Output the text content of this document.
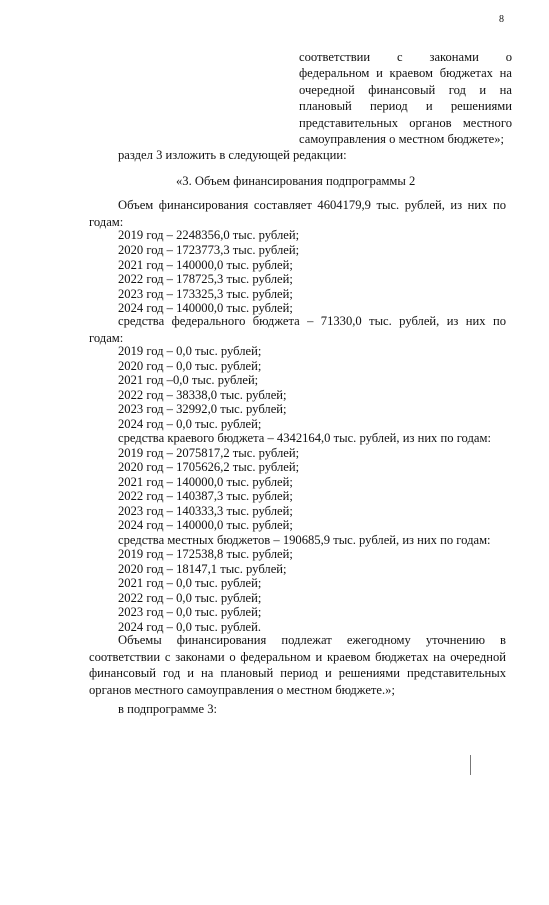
8
соответствии с законами о
федеральном и краевом бюджетах на
очередной финансовый год и на
плановый период и решениями
представительных органов местного
самоуправления о местном бюджете»;
раздел 3 изложить в следующей редакции:
«3. Объем финансирования подпрограммы 2
Объем финансирования составляет 4604179,9 тыс. рублей, из них по
годам:
2019 год – 2248356,0 тыс. рублей;
2020 год – 1723773,3 тыс. рублей;
2021 год – 140000,0 тыс. рублей;
2022 год – 178725,3 тыс. рублей;
2023 год – 173325,3 тыс. рублей;
2024 год – 140000,0 тыс. рублей;
средства федерального бюджета – 71330,0 тыс. рублей, из них по
годам:
2019 год – 0,0 тыс. рублей;
2020 год – 0,0 тыс. рублей;
2021 год –0,0 тыс. рублей;
2022 год – 38338,0 тыс. рублей;
2023 год – 32992,0 тыс. рублей;
2024 год – 0,0 тыс. рублей;
средства краевого бюджета – 4342164,0 тыс. рублей, из них по годам:
2019 год – 2075817,2 тыс. рублей;
2020 год – 1705626,2 тыс. рублей;
2021 год – 140000,0 тыс. рублей;
2022 год – 140387,3 тыс. рублей;
2023 год – 140333,3 тыс. рублей;
2024 год – 140000,0 тыс. рублей;
средства местных бюджетов – 190685,9 тыс. рублей, из них по годам:
2019 год – 172538,8 тыс. рублей;
2020 год – 18147,1 тыс. рублей;
2021 год – 0,0 тыс. рублей;
2022 год – 0,0 тыс. рублей;
2023 год – 0,0 тыс. рублей;
2024 год – 0,0 тыс. рублей.
Объемы финансирования подлежат ежегодному уточнению в
соответствии с законами о федеральном и краевом бюджетах на очередной
финансовый год и на плановый период и решениями представительных
органов местного самоуправления о местном бюджете.»;
в подпрограмме 3:
